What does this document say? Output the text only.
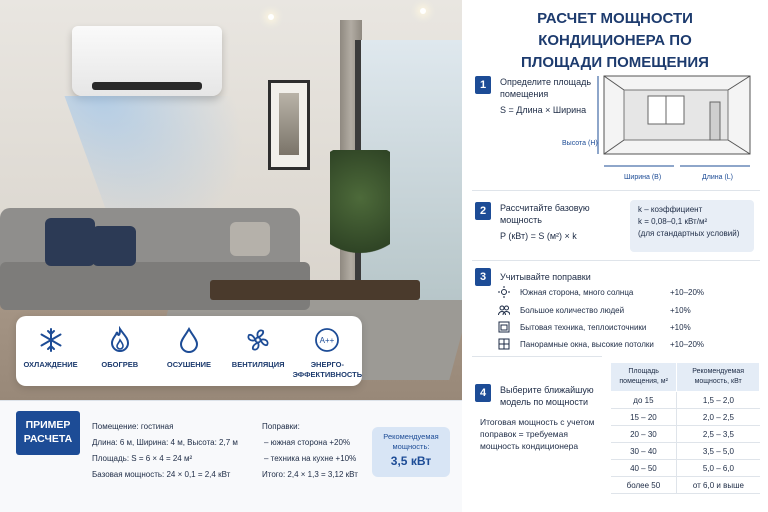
ОХЛАЖДЕНИЕ	ОБОГРЕВ	ОСУШЕНИЕ	ВЕНТИЛЯЦИЯ
A++
ЭНЕРГО-
ЭФФЕКТИВНОСТЬ
ПРИМЕР РАСЧЕТА
Помещение: гостиная
Длина: 6 м, Ширина: 4 м, Высота: 2,7 м
Площадь: S = 6 × 4 = 24 м²
Базовая мощность: 24 × 0,1 = 2,4 кВт
Поправки:
– южная сторона +20%
– техника на кухне +10%
Итого: 2,4 × 1,3 = 3,12 кВт
Рекомендуемая мощность:
3,5 кВт
РАСЧЕТ МОЩНОСТИ КОНДИЦИОНЕРА ПО ПЛОЩАДИ ПОМЕЩЕНИЯ
1	Определите площадь помещения
S = Длина × Ширина
Высота (H)
Ширина (B)	Длина (L)
2	Рассчитайте базовую мощность
P (кВт) = S (м²) × k
k – коэффициент
k = 0,08–0,1 кВт/м²
(для стандартных условий)
3	Учитывайте поправки
Южная сторона, много солнца	+10–20%
Большое количество людей	+10%
Бытовая техника, теплоисточники	+10%
Панорамные окна, высокие потолки	+10–20%
4	Выберите ближайшую модель по мощности
Итоговая мощность с учетом поправок = требуемая мощность кондиционера
Площадь помещения, м²	Рекомендуемая мощность, кВт
до 15	1,5 – 2,0
15 – 20	2,0 – 2,5
20 – 30	2,5 – 3,5
30 – 40	3,5 – 5,0
40 – 50	5,0 – 6,0
более 50	от 6,0 и выше
